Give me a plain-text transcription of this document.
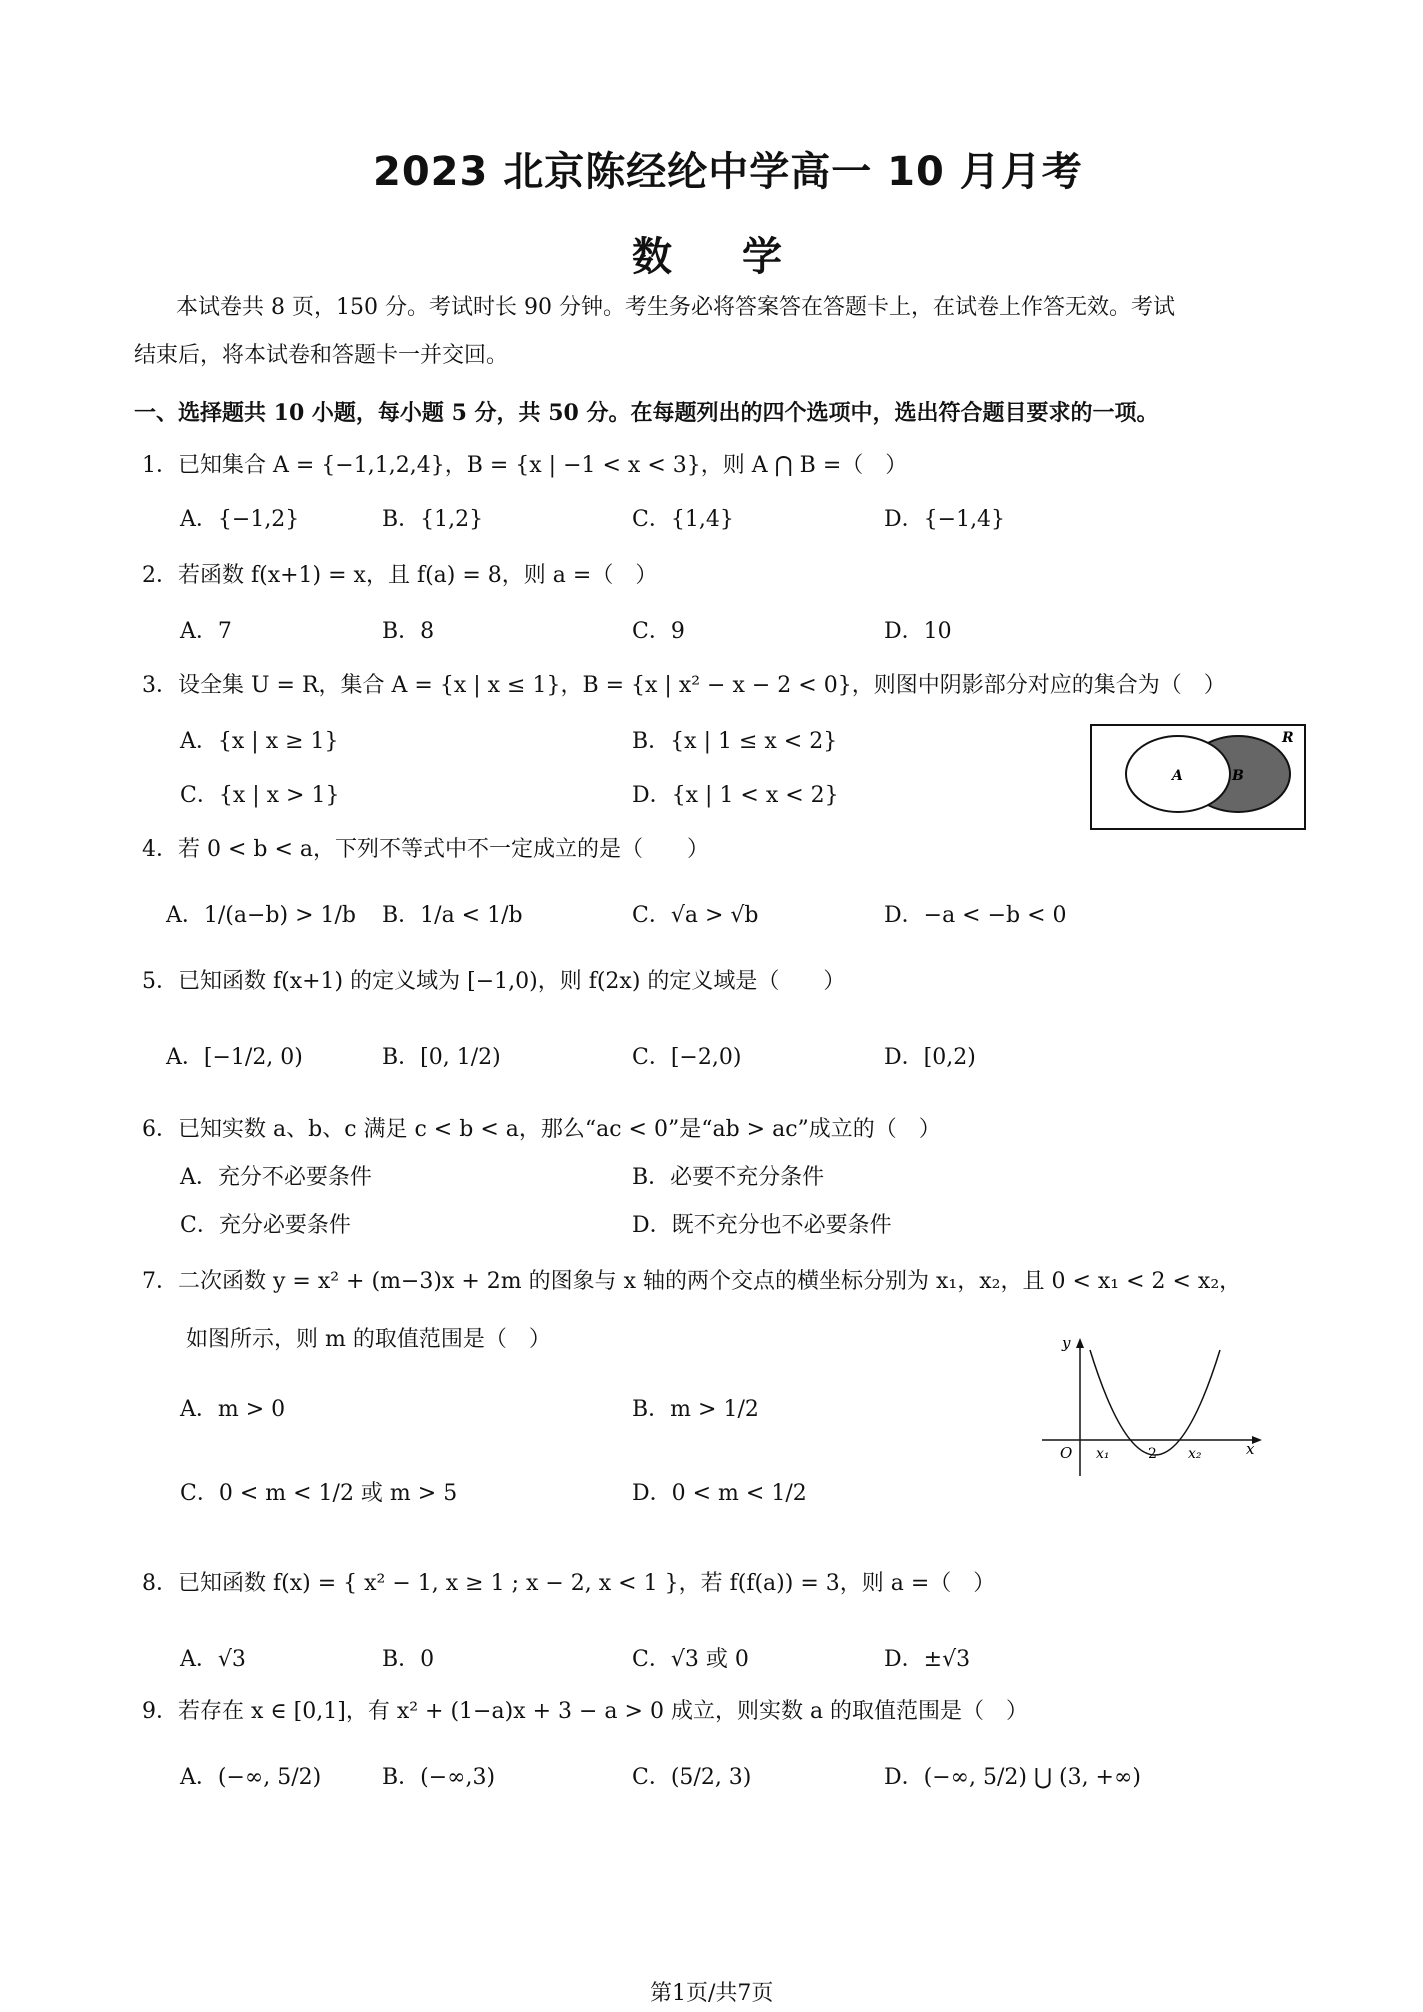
2023 北京陈经纶中学高一 10 月月考
数学
本试卷共 8 页，150 分。考试时长 90 分钟。考生务必将答案答在答题卡上，在试卷上作答无效。考试
结束后，将本试卷和答题卡一并交回。
一、选择题共 10 小题，每小题 5 分，共 50 分。在每题列出的四个选项中，选出符合题目要求的一项。
1．已知集合 A = {−1,1,2,4}，B = {x | −1 < x < 3}，则 A ⋂ B =（　）
A．{−1,2}	B．{1,2}	C．{1,4}	D．{−1,4}
2．若函数 f(x+1) = x，且 f(a) = 8，则 a =（　）
A．7	B．8	C．9	D．10
3．设全集 U = R，集合 A = {x | x ≤ 1}，B = {x | x² − x − 2 < 0}，则图中阴影部分对应的集合为（　）
A．{x | x ≥ 1}	B．{x | 1 ≤ x < 2}
C．{x | x > 1}	D．{x | 1 < x < 2}
A	B
R
4．若 0 < b < a，下列不等式中不一定成立的是（　　）
A．1/(a−b) > 1/b B．1/a < 1/b	C．√a > √b	D．−a < −b < 0
5．已知函数 f(x+1) 的定义域为 [−1,0)，则 f(2x) 的定义域是（　　）
A．[−1/2, 0)	B．[0, 1/2)	C．[−2,0)	D．[0,2)
6．已知实数 a、b、c 满足 c < b < a，那么“ac < 0”是“ab > ac”成立的（　）
A．充分不必要条件	B．必要不充分条件
C．充分必要条件	D．既不充分也不必要条件
7．二次函数 y = x² + (m−3)x + 2m 的图象与 x 轴的两个交点的横坐标分别为 x₁，x₂，且 0 < x₁ < 2 < x₂，
如图所示，则 m 的取值范围是（　）
A．m > 0	B．m > 1/2
C．0 < m < 1/2 或 m > 5	D．0 < m < 1/2
y
x
O x₁	2 x₂
8．已知函数 f(x) = { x² − 1, x ≥ 1 ; x − 2, x < 1 }，若 f(f(a)) = 3，则 a =（　）
A．√3	B．0	C．√3 或 0	D．±√3
9．若存在 x ∈ [0,1]，有 x² + (1−a)x + 3 − a > 0 成立，则实数 a 的取值范围是（　）
A．(−∞, 5/2)	B．(−∞,3)	C．(5/2, 3)	D．(−∞, 5/2) ⋃ (3, +∞)
第1页/共7页
